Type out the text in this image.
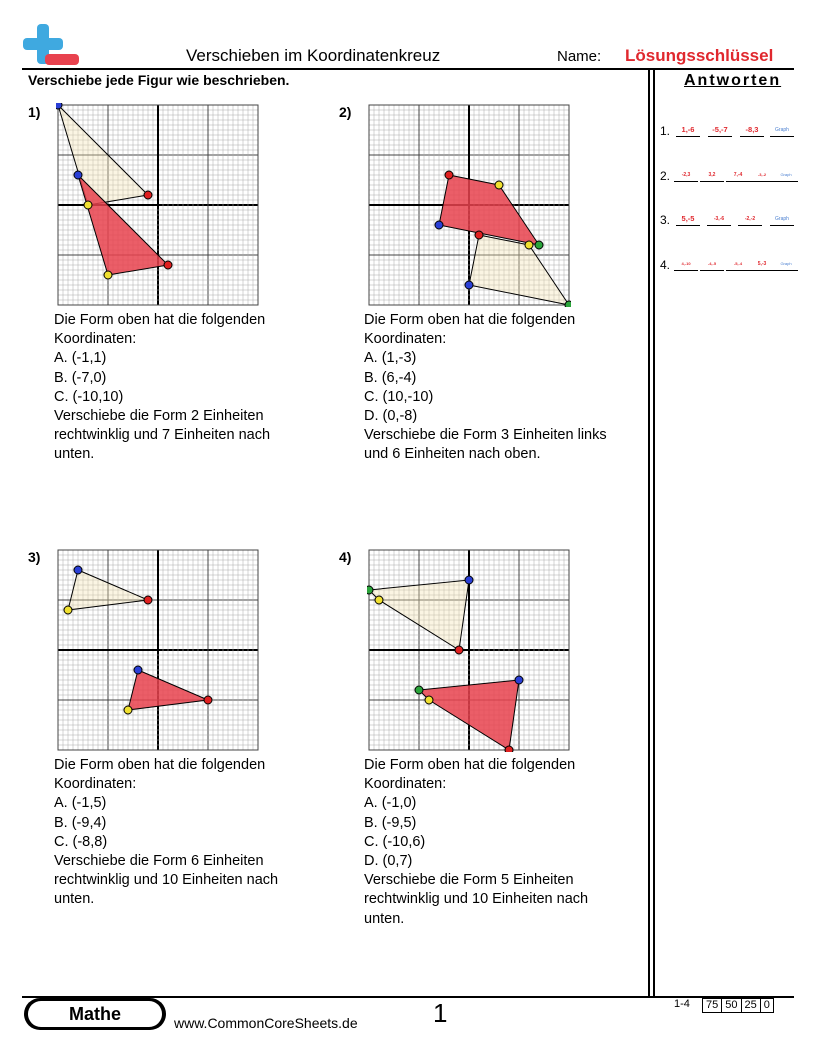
Verschieben im Koordinatenkreuz	Name: Lösungsschlüssel
Verschiebe jede Figur wie beschrieben.	Antworten
1.	1,-6	-5,-7	-8,3	Graph
2.	-2,3	3,2	7,-4	-3,-2	Graph
3.	5,-5	-3,-6	-2,-2	Graph
4.	4,-10	-4,-5	-5,-4	5,-3	Graph
1)
Die Form oben hat die folgenden
Koordinaten:
A. (-1,1)
B. (-7,0)
C. (-10,10)
Verschiebe die Form 2 Einheiten
rechtwinklig und 7 Einheiten nach
unten.
2)
Die Form oben hat die folgenden
Koordinaten:
A. (1,-3)
B. (6,-4)
C. (10,-10)
D. (0,-8)
Verschiebe die Form 3 Einheiten links
und 6 Einheiten nach oben.
3)
Die Form oben hat die folgenden
Koordinaten:
A. (-1,5)
B. (-9,4)
C. (-8,8)
Verschiebe die Form 6 Einheiten
rechtwinklig und 10 Einheiten nach
unten.
4)
Die Form oben hat die folgenden
Koordinaten:
A. (-1,0)
B. (-9,5)
C. (-10,6)
D. (0,7)
Verschiebe die Form 5 Einheiten
rechtwinklig und 10 Einheiten nach
unten.
Mathe	www.CommonCoreSheets.de	1	1-4 75 50 25 0
